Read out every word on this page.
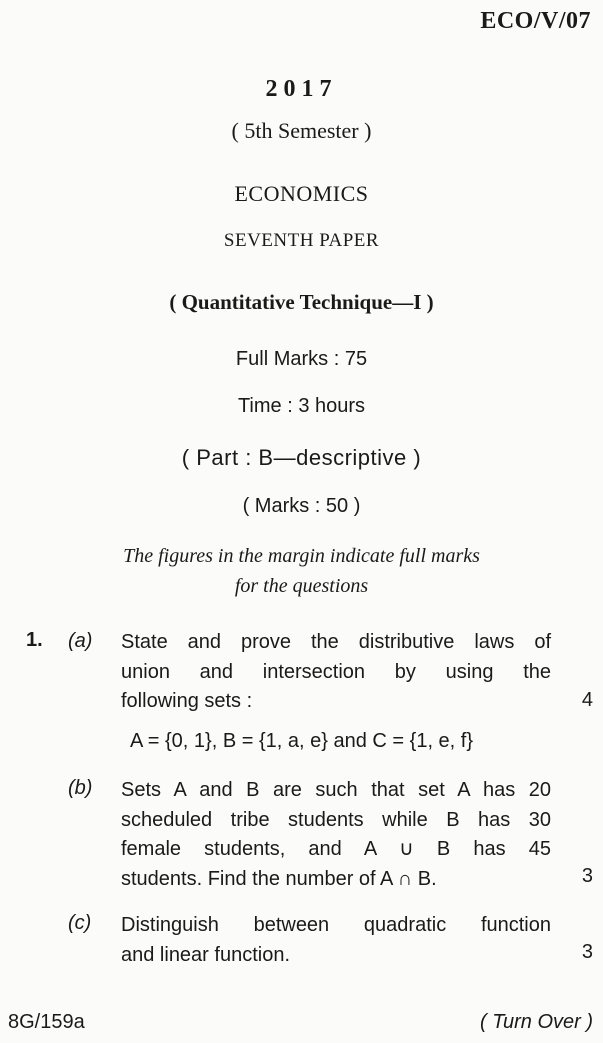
ECO/V/07
2017
( 5th Semester )
ECONOMICS
SEVENTH PAPER
( Quantitative Technique—I )
Full Marks : 75
Time : 3 hours
( Part : B—descriptive )
( Marks : 50 )
The figures in the margin indicate full marks
for the questions
1. (a) State and prove the distributive laws of
union and intersection by using the
following sets :	4
A = {0, 1}, B = {1, a, e} and C = {1, e, f}
(b) Sets A and B are such that set A has 20
scheduled tribe students while B has 30
female students, and A ∪ B has 45
students. Find the number of A ∩ B.	3
(c) Distinguish between quadratic function
and linear function.	3
8G/159a	( Turn Over )
